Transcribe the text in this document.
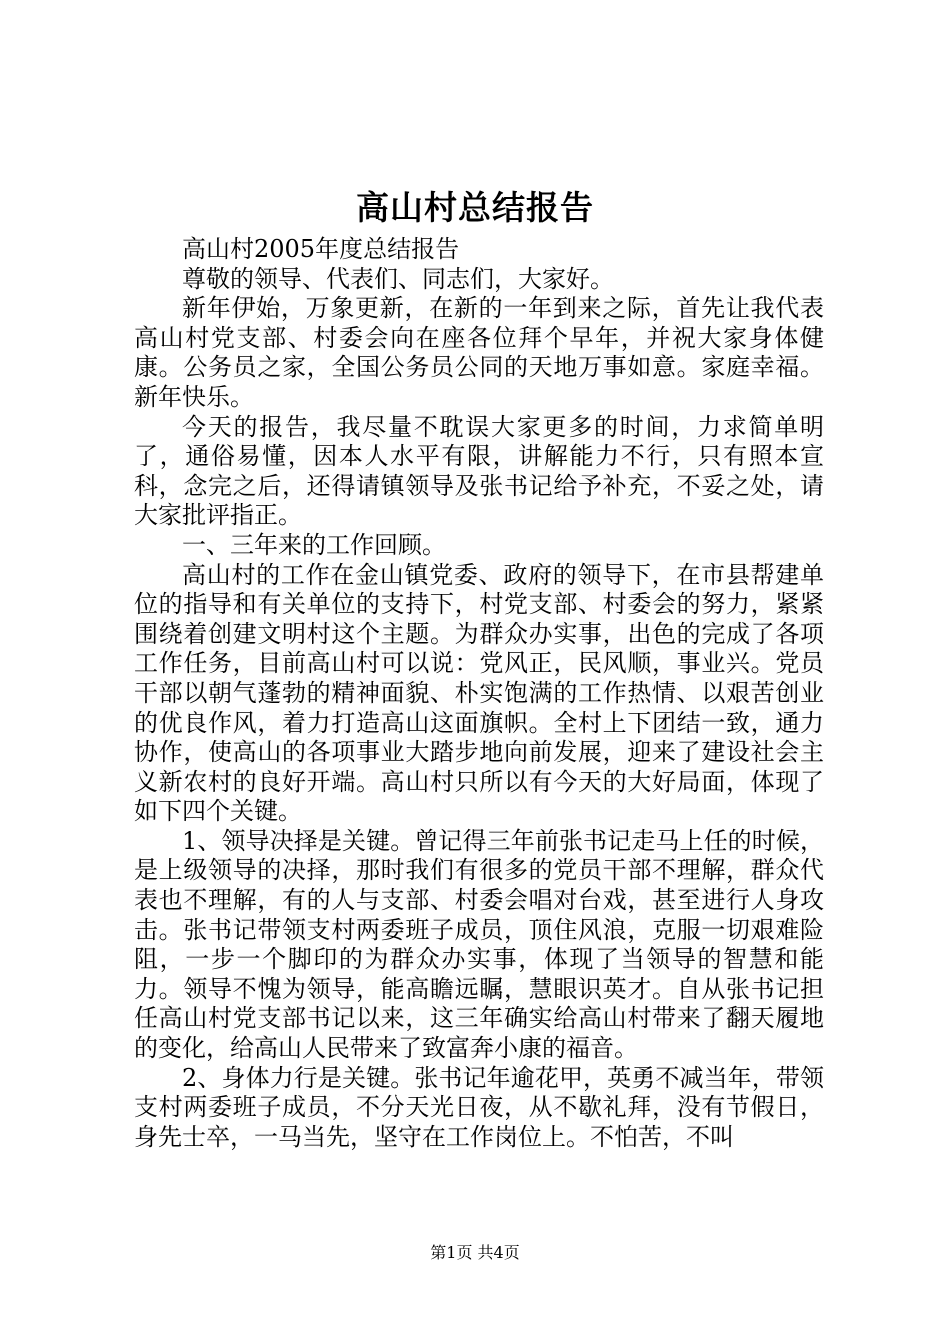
高山村总结报告

高山村2005年度总结报告

尊敬的领导、代表们、同志们，大家好。

新年伊始，万象更新，在新的一年到来之际，首先让我代表高山村党支部、村委会向在座各位拜个早年，并祝大家身体健康。公务员之家，全国公务员公同的天地万事如意。家庭幸福。新年快乐。

今天的报告，我尽量不耽误大家更多的时间，力求简单明了，通俗易懂，因本人水平有限，讲解能力不行，只有照本宣科，念完之后，还得请镇领导及张书记给予补充，不妥之处，请大家批评指正。

一、三年来的工作回顾。

高山村的工作在金山镇党委、政府的领导下，在市县帮建单位的指导和有关单位的支持下，村党支部、村委会的努力，紧紧围绕着创建文明村这个主题。为群众办实事，出色的完成了各项工作任务，目前高山村可以说：党风正，民风顺，事业兴。党员干部以朝气蓬勃的精神面貌、朴实饱满的工作热情、以艰苦创业的优良作风，着力打造高山这面旗帜。全村上下团结一致，通力协作，使高山的各项事业大踏步地向前发展，迎来了建设社会主义新农村的良好开端。高山村只所以有今天的大好局面，体现了如下四个关键。

1、领导决择是关键。曾记得三年前张书记走马上任的时候，是上级领导的决择，那时我们有很多的党员干部不理解，群众代表也不理解，有的人与支部、村委会唱对台戏，甚至进行人身攻击。张书记带领支村两委班子成员，顶住风浪，克服一切艰难险阻，一步一个脚印的为群众办实事，体现了当领导的智慧和能力。领导不愧为领导，能高瞻远瞩，慧眼识英才。自从张书记担任高山村党支部书记以来，这三年确实给高山村带来了翻天履地的变化，给高山人民带来了致富奔小康的福音。

2、身体力行是关键。张书记年逾花甲，英勇不减当年，带领支村两委班子成员，不分天光日夜，从不歇礼拜，没有节假日，身先士卒，一马当先，坚守在工作岗位上。不怕苦，不叫

第1页 共4页
